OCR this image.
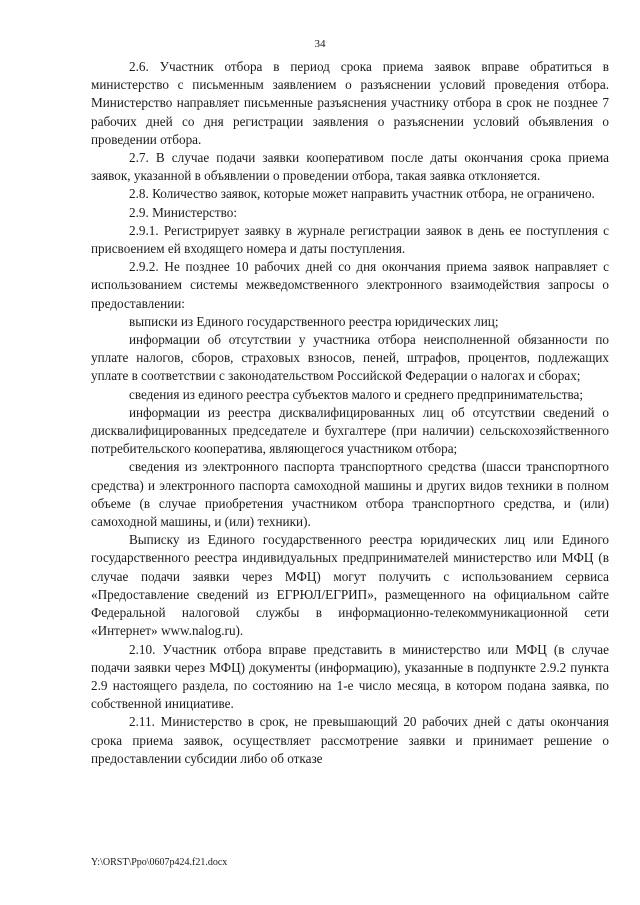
34

2.6. Участник отбора в период срока приема заявок вправе обратиться в министерство с письменным заявлением о разъяснении условий проведения отбора. Министерство направляет письменные разъяснения участнику отбора в срок не позднее 7 рабочих дней со дня регистрации заявления о разъяснении условий объявления о проведении отбора.

2.7. В случае подачи заявки кооперативом после даты окончания срока приема заявок, указанной в объявлении о проведении отбора, такая заявка отклоняется.

2.8. Количество заявок, которые может направить участник отбора, не ограничено.

2.9. Министерство:

2.9.1. Регистрирует заявку в журнале регистрации заявок в день ее поступления с присвоением ей входящего номера и даты поступления.

2.9.2. Не позднее 10 рабочих дней со дня окончания приема заявок направляет с использованием системы межведомственного электронного взаимодействия запросы о предоставлении:

выписки из Единого государственного реестра юридических лиц;

информации об отсутствии у участника отбора неисполненной обязанности по уплате налогов, сборов, страховых взносов, пеней, штрафов, процентов, подлежащих уплате в соответствии с законодательством Российской Федерации о налогах и сборах;

сведения из единого реестра субъектов малого и среднего предпринимательства;

информации из реестра дисквалифицированных лиц об отсутствии сведений о дисквалифицированных председателе и бухгалтере (при наличии) сельскохозяйственного потребительского кооператива, являющегося участником отбора;

сведения из электронного паспорта транспортного средства (шасси транспортного средства) и электронного паспорта самоходной машины и других видов техники в полном объеме (в случае приобретения участником отбора транспортного средства, и (или) самоходной машины, и (или) техники).

Выписку из Единого государственного реестра юридических лиц или Единого государственного реестра индивидуальных предпринимателей министерство или МФЦ (в случае подачи заявки через МФЦ) могут получить с использованием сервиса «Предоставление сведений из ЕГРЮЛ/ЕГРИП», размещенного на официальном сайте Федеральной налоговой службы в информационно-телекоммуникационной сети «Интернет» www.nalog.ru).

2.10. Участник отбора вправе представить в министерство или МФЦ (в случае подачи заявки через МФЦ) документы (информацию), указанные в подпункте 2.9.2 пункта 2.9 настоящего раздела, по состоянию на 1-е число месяца, в котором подана заявка, по собственной инициативе.

2.11. Министерство в срок, не превышающий 20 рабочих дней с даты окончания срока приема заявок, осуществляет рассмотрение заявки и принимает решение о предоставлении субсидии либо об отказе

Y:\ORST\Ppo\0607p424.f21.docx
